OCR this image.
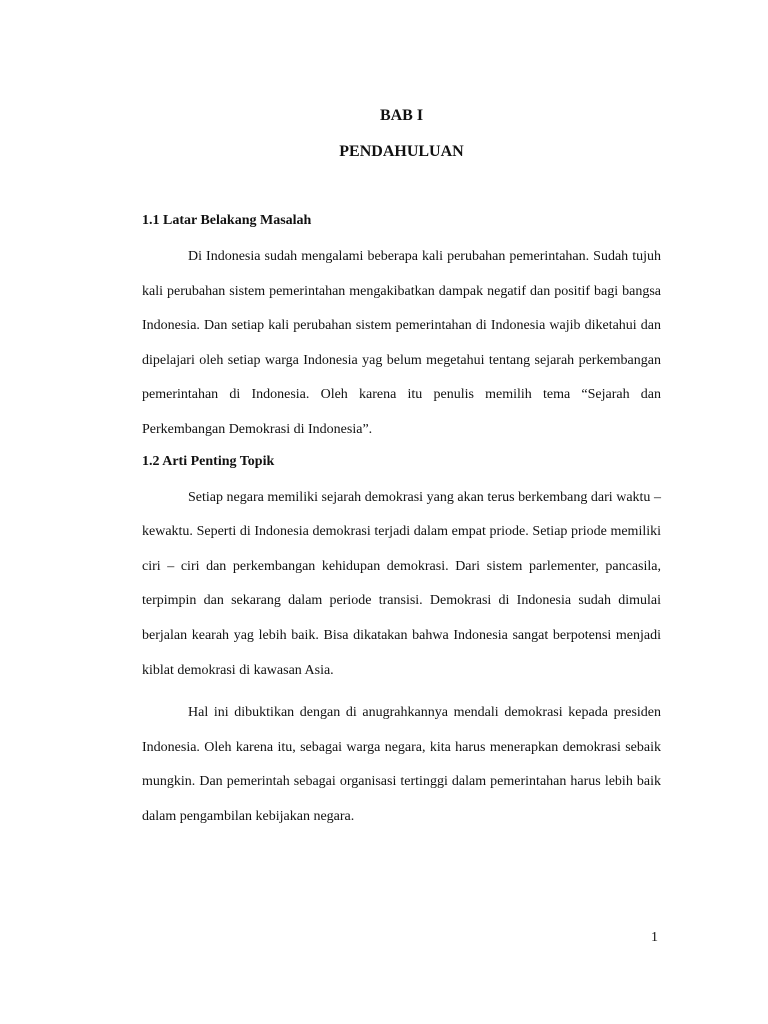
BAB I

PENDAHULUAN

1.1 Latar Belakang Masalah

Di Indonesia sudah mengalami beberapa kali perubahan pemerintahan. Sudah tujuh kali perubahan sistem pemerintahan mengakibatkan dampak negatif dan positif bagi bangsa Indonesia. Dan setiap kali perubahan sistem pemerintahan di Indonesia wajib diketahui dan dipelajari oleh setiap warga Indonesia yag belum megetahui tentang sejarah perkembangan pemerintahan di Indonesia. Oleh karena itu penulis memilih tema “Sejarah dan Perkembangan Demokrasi di Indonesia”.

1.2 Arti Penting Topik

Setiap negara memiliki sejarah demokrasi yang akan terus berkembang dari waktu – kewaktu. Seperti di Indonesia demokrasi terjadi dalam empat priode. Setiap priode memiliki ciri – ciri dan perkembangan kehidupan demokrasi. Dari sistem parlementer, pancasila, terpimpin dan sekarang dalam periode transisi. Demokrasi di Indonesia sudah dimulai berjalan kearah yag lebih baik. Bisa dikatakan bahwa Indonesia sangat berpotensi menjadi kiblat demokrasi di kawasan Asia.

Hal ini dibuktikan dengan di anugrahkannya mendali demokrasi kepada presiden Indonesia. Oleh karena itu, sebagai warga negara, kita harus menerapkan demokrasi sebaik mungkin. Dan pemerintah sebagai organisasi tertinggi dalam pemerintahan harus lebih baik dalam pengambilan kebijakan negara.

1
